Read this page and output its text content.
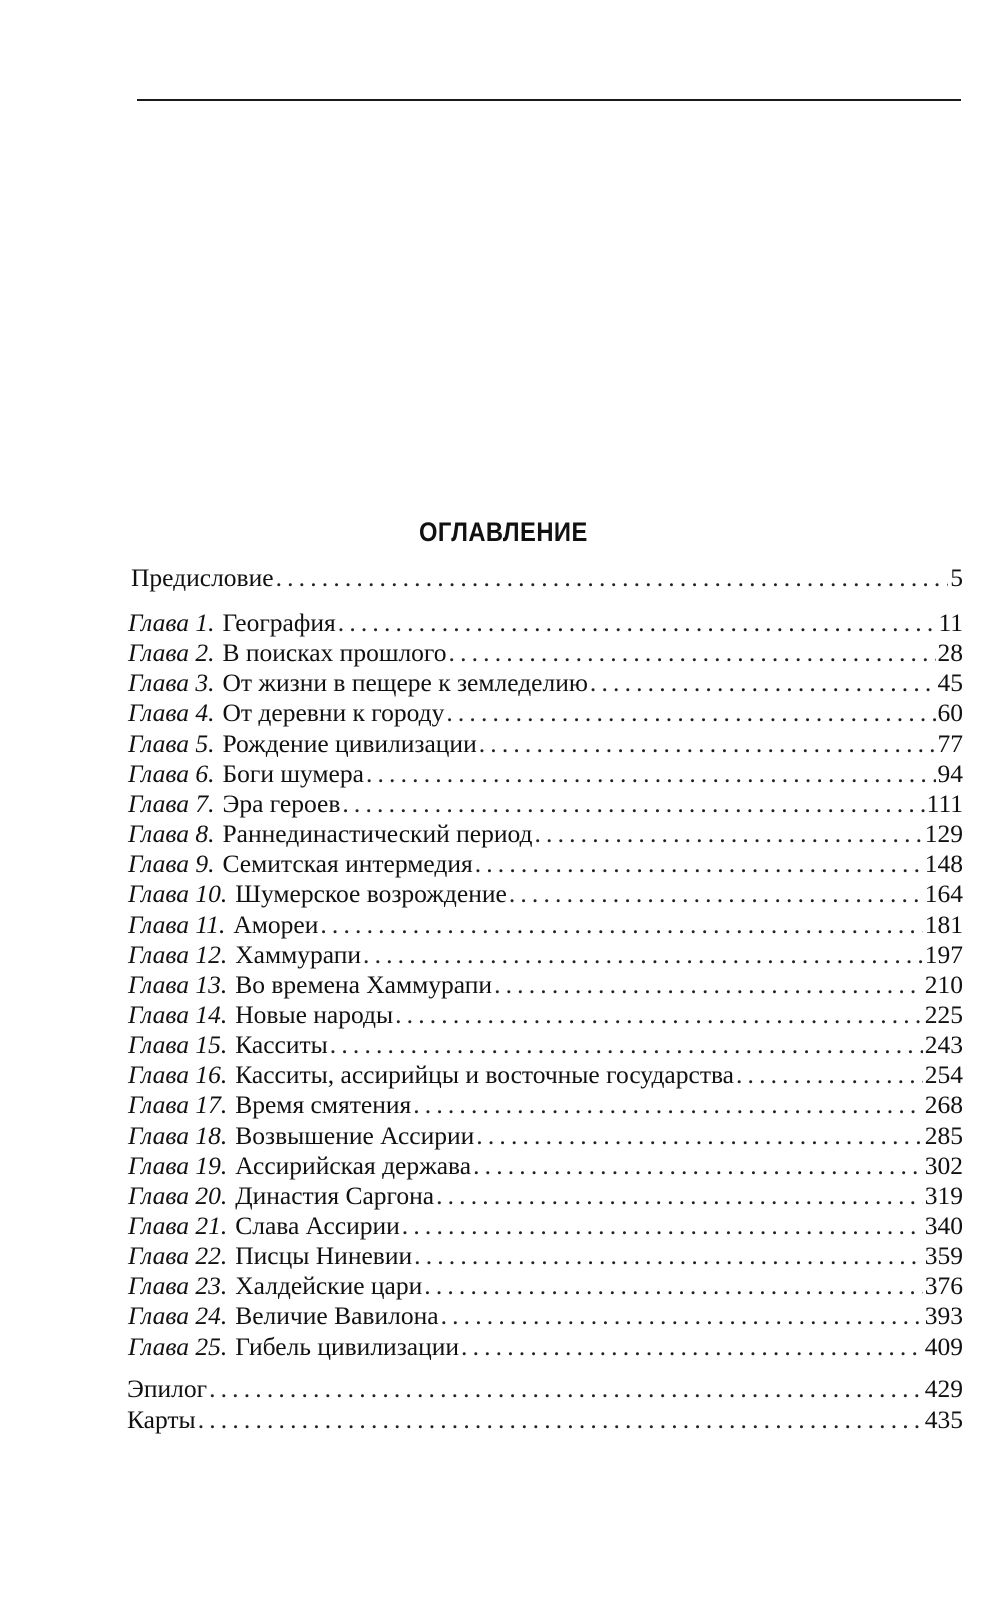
ОГЛАВЛЕНИЕ
Предисловие . . .	5
Глава 1. География . . .	11
Глава 2. В поисках прошлого . . .	28
Глава 3. От жизни в пещере к земледелию . . .	45
Глава 4. От деревни к городу . . .	60
Глава 5. Рождение цивилизации . . .	77
Глава 6. Боги шумера . . .	94
Глава 7. Эра героев . . .	111
Глава 8. Раннединастический период . . .	129
Глава 9. Семитская интермедия . . .	148
Глава 10. Шумерское возрождение . . .	164
Глава 11. Амореи . . .	181
Глава 12. Хаммурапи . . .	197
Глава 13. Во времена Хаммурапи . . .	210
Глава 14. Новые народы . . .	225
Глава 15. Касситы . . .	243
Глава 16. Касситы, ассирийцы и восточные государства . . .	254
Глава 17. Время смятения . . .	268
Глава 18. Возвышение Ассирии . . .	285
Глава 19. Ассирийская держава . . .	302
Глава 20. Династия Саргона . . .	319
Глава 21. Слава Ассирии . . .	340
Глава 22. Писцы Ниневии . . .	359
Глава 23. Халдейские цари . . .	376
Глава 24. Величие Вавилона . . .	393
Глава 25. Гибель цивилизации . . .	409
Эпилог . . .	429
Карты . . .	435
